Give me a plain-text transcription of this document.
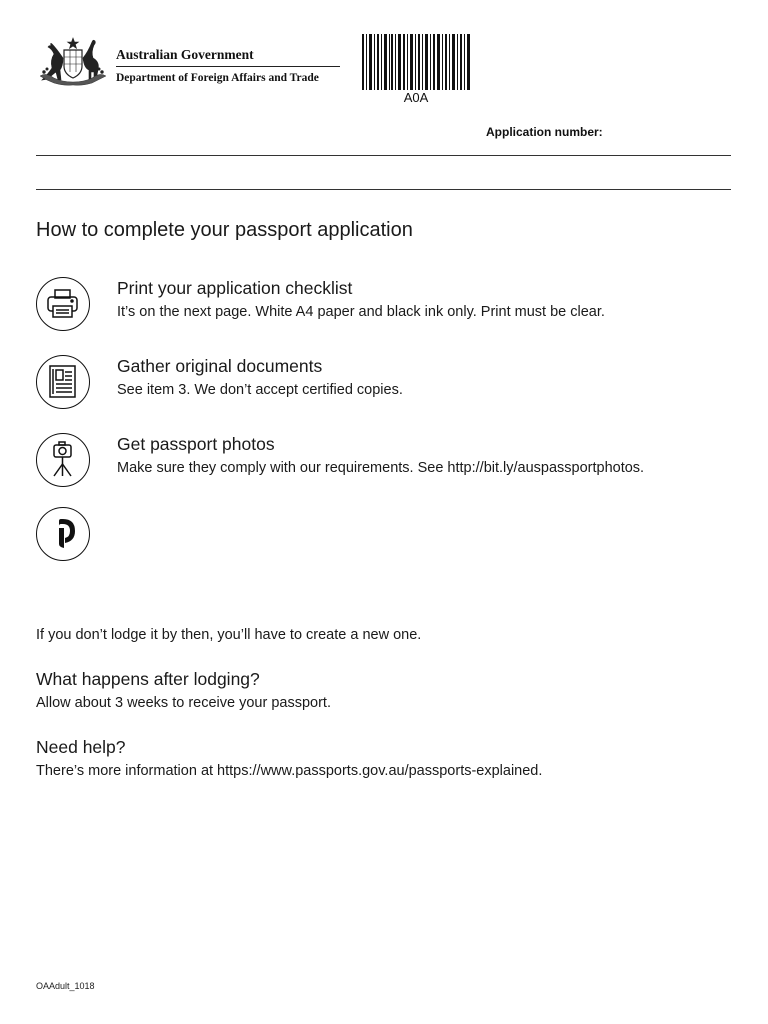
Australian Government
Department of Foreign Affairs and Trade
A0A
Application number:
How to complete your passport application
Print your application checklist
It’s on the next page. White A4 paper and black ink only. Print must be clear.
Gather original documents
See item 3. We don’t accept certified copies.
Get passport photos
Make sure they comply with our requirements. See http://bit.ly/auspassportphotos.
If you don’t lodge it by then, you’ll have to create a new one.
What happens after lodging?
Allow about 3 weeks to receive your passport.
Need help?
There’s more information at https://www.passports.gov.au/passports-explained.
OAAdult_1018
